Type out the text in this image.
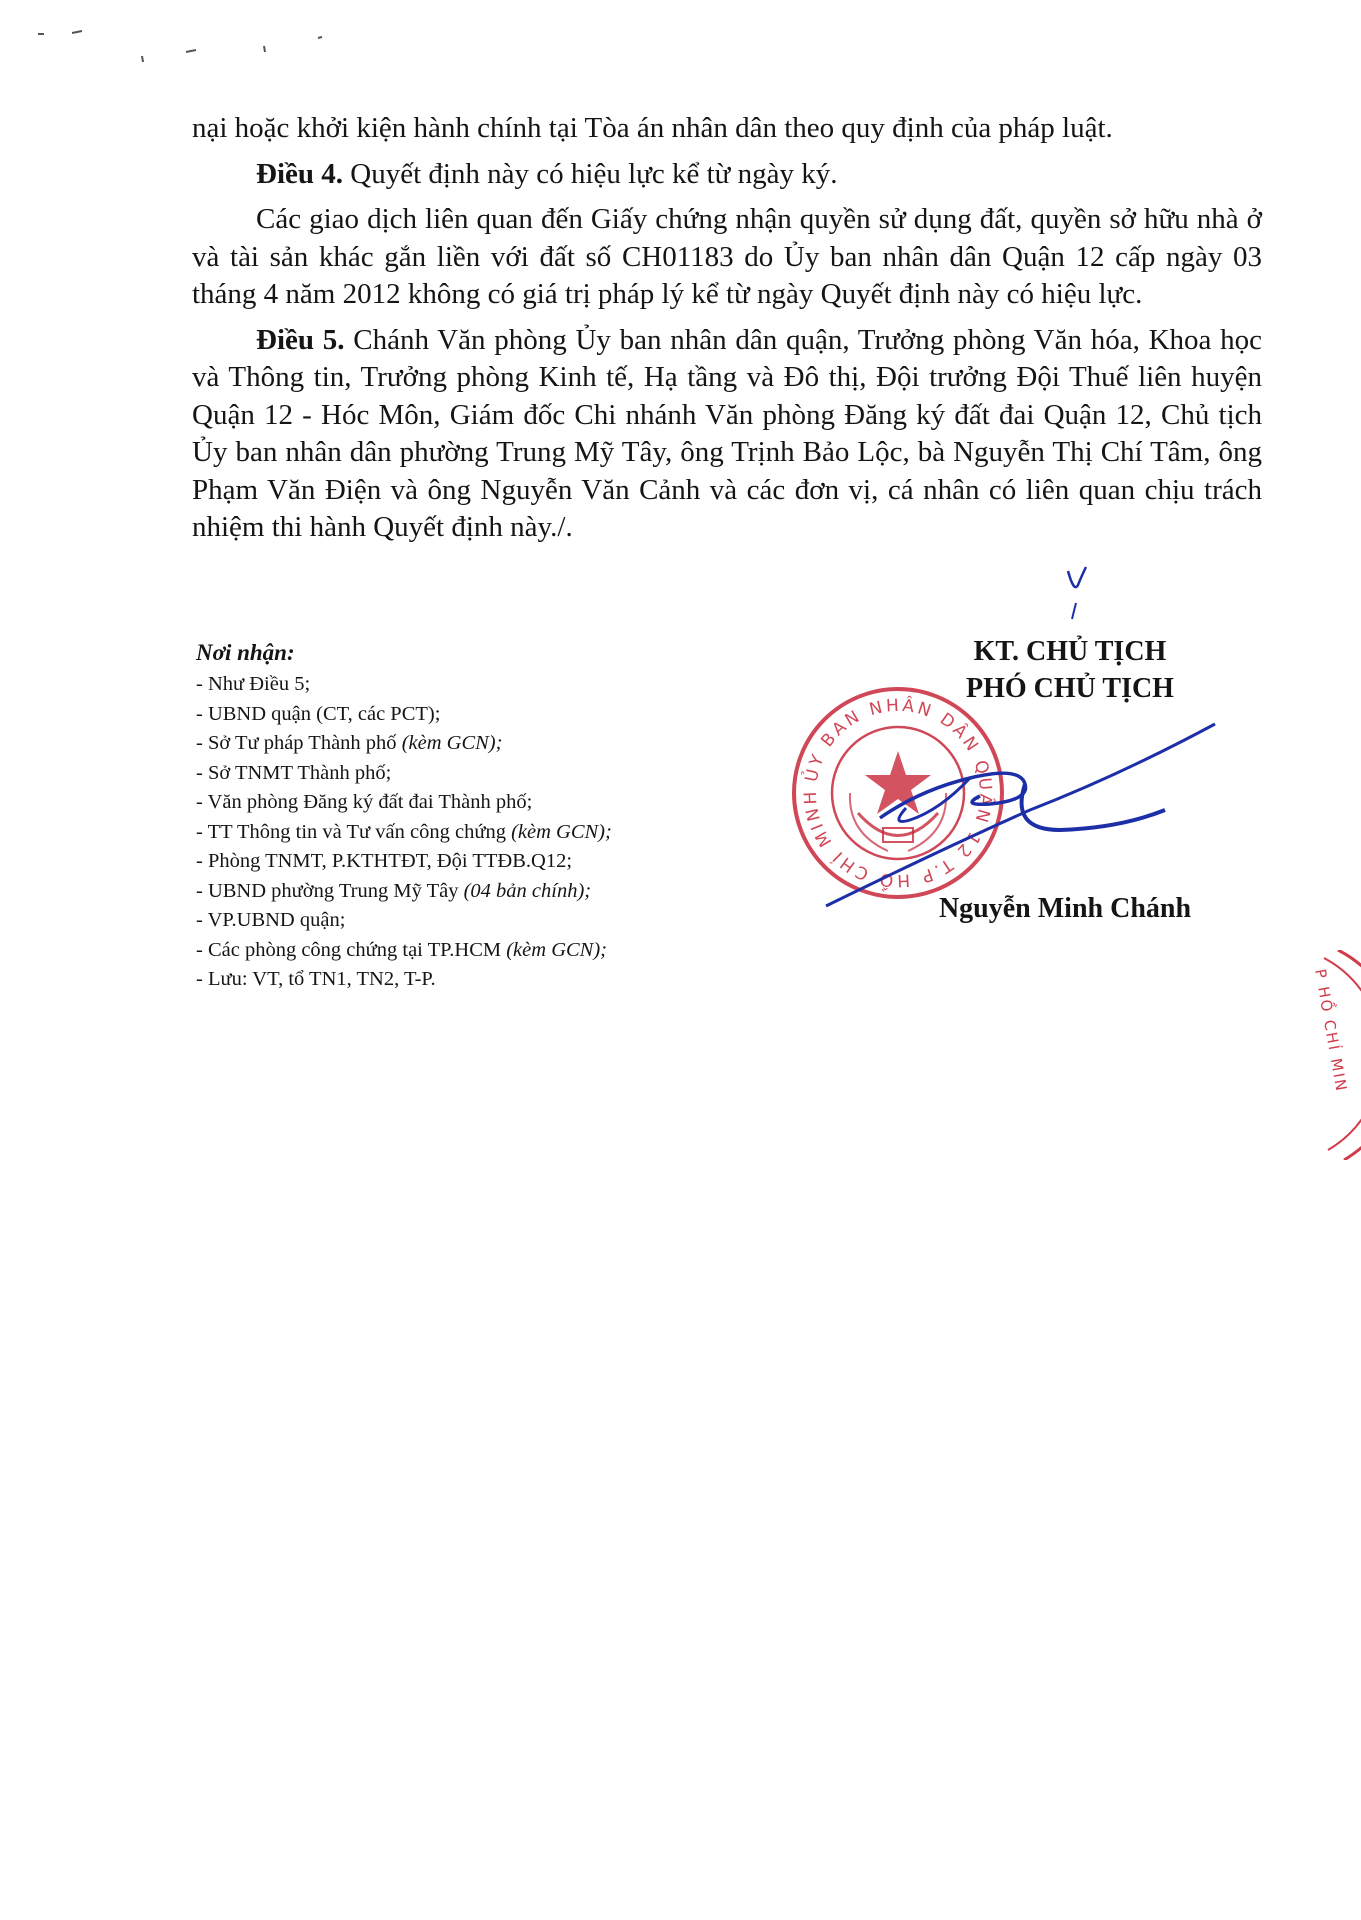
nại hoặc khởi kiện hành chính tại Tòa án nhân dân theo quy định của pháp luật.

Điều 4. Quyết định này có hiệu lực kể từ ngày ký.

Các giao dịch liên quan đến Giấy chứng nhận quyền sử dụng đất, quyền sở hữu nhà ở và tài sản khác gắn liền với đất số CH01183 do Ủy ban nhân dân Quận 12 cấp ngày 03 tháng 4 năm 2012 không có giá trị pháp lý kể từ ngày Quyết định này có hiệu lực.

Điều 5. Chánh Văn phòng Ủy ban nhân dân quận, Trưởng phòng Văn hóa, Khoa học và Thông tin, Trưởng phòng Kinh tế, Hạ tầng và Đô thị, Đội trưởng Đội Thuế liên huyện Quận 12 - Hóc Môn, Giám đốc Chi nhánh Văn phòng Đăng ký đất đai Quận 12, Chủ tịch Ủy ban nhân dân phường Trung Mỹ Tây, ông Trịnh Bảo Lộc, bà Nguyễn Thị Chí Tâm, ông Phạm Văn Điện và ông Nguyễn Văn Cảnh và các đơn vị, cá nhân có liên quan chịu trách nhiệm thi hành Quyết định này./.

Nơi nhận:
- Như Điều 5;
- UBND quận (CT, các PCT);
- Sở Tư pháp Thành phố (kèm GCN);
- Sở TNMT Thành phố;
- Văn phòng Đăng ký đất đai Thành phố;
- TT Thông tin và Tư vấn công chứng (kèm GCN);
- Phòng TNMT, P.KTHTĐT, Đội TTĐB.Q12;
- UBND phường Trung Mỹ Tây (04 bản chính);
- VP.UBND quận;
- Các phòng công chứng tại TP.HCM (kèm GCN);
- Lưu: VT, tổ TN1, TN2, T-P.
KT. CHỦ TỊCH
PHÓ CHỦ TỊCH
ỦY BAN NHÂN DÂN QUẬN 12 T.P HỒ CHÍ MINH
Nguyễn Minh Chánh
P HỒ CHÍ MIN
